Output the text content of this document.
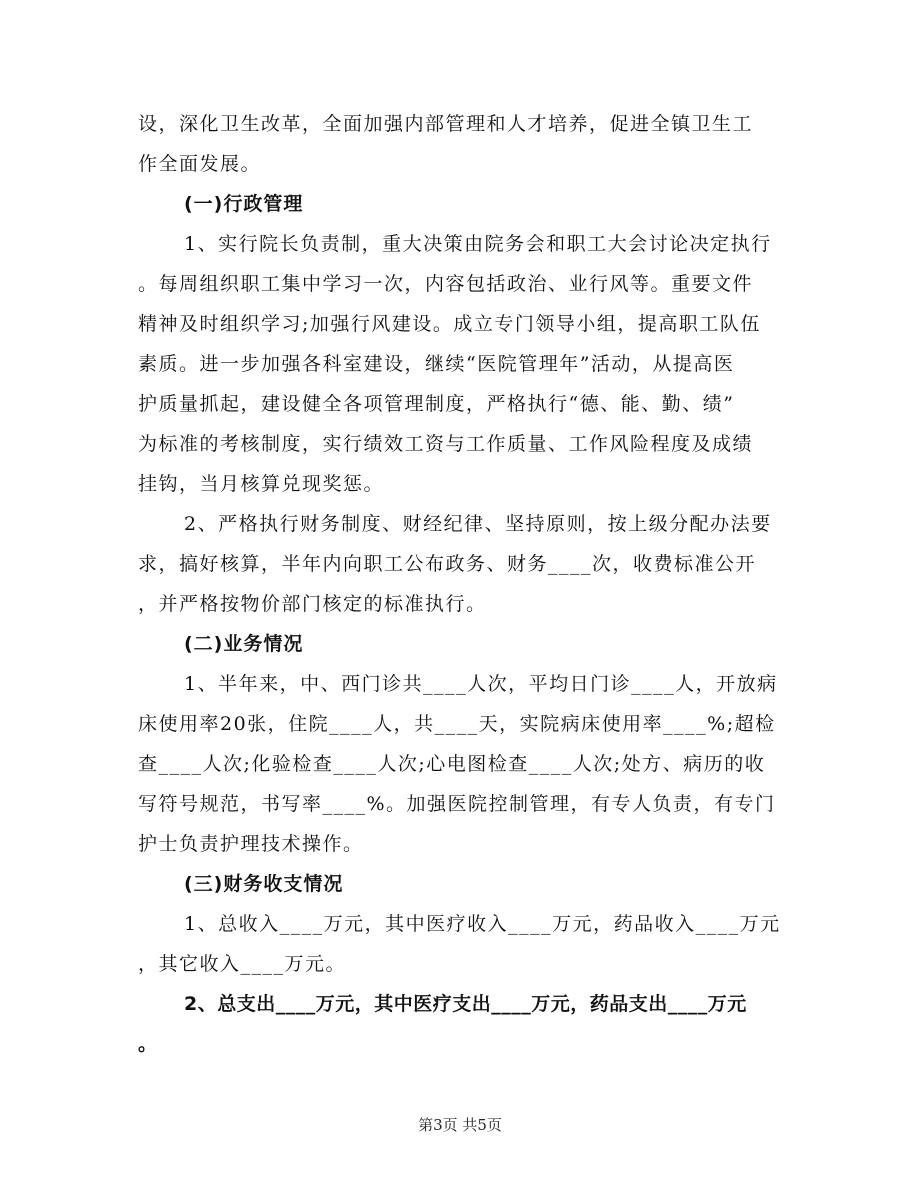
设，深化卫生改革，全面加强内部管理和人才培养，促进全镇卫生工
作全面发展。
(一)行政管理
1、实行院长负责制，重大决策由院务会和职工大会讨论决定执行
。每周组织职工集中学习一次，内容包括政治、业行风等。重要文件
精神及时组织学习;加强行风建设。成立专门领导小组，提高职工队伍
素质。进一步加强各科室建设，继续“医院管理年”活动，从提高医
护质量抓起，建设健全各项管理制度，严格执行“德、能、勤、绩”
为标准的考核制度，实行绩效工资与工作质量、工作风险程度及成绩
挂钩，当月核算兑现奖惩。
2、严格执行财务制度、财经纪律、坚持原则，按上级分配办法要
求，搞好核算，半年内向职工公布政务、财务____次，收费标准公开
，并严格按物价部门核定的标准执行。
(二)业务情况
1、半年来，中、西门诊共____人次，平均日门诊____人，开放病
床使用率20张，住院____人，共____天，实院病床使用率____%;超检
查____人次;化验检查____人次;心电图检查____人次;处方、病历的收
写符号规范，书写率____%。加强医院控制管理，有专人负责，有专门
护士负责护理技术操作。
(三)财务收支情况
1、总收入____万元，其中医疗收入____万元，药品收入____万元
，其它收入____万元。
2、总支出____万元，其中医疗支出____万元，药品支出____万元
。
第3页 共5页
